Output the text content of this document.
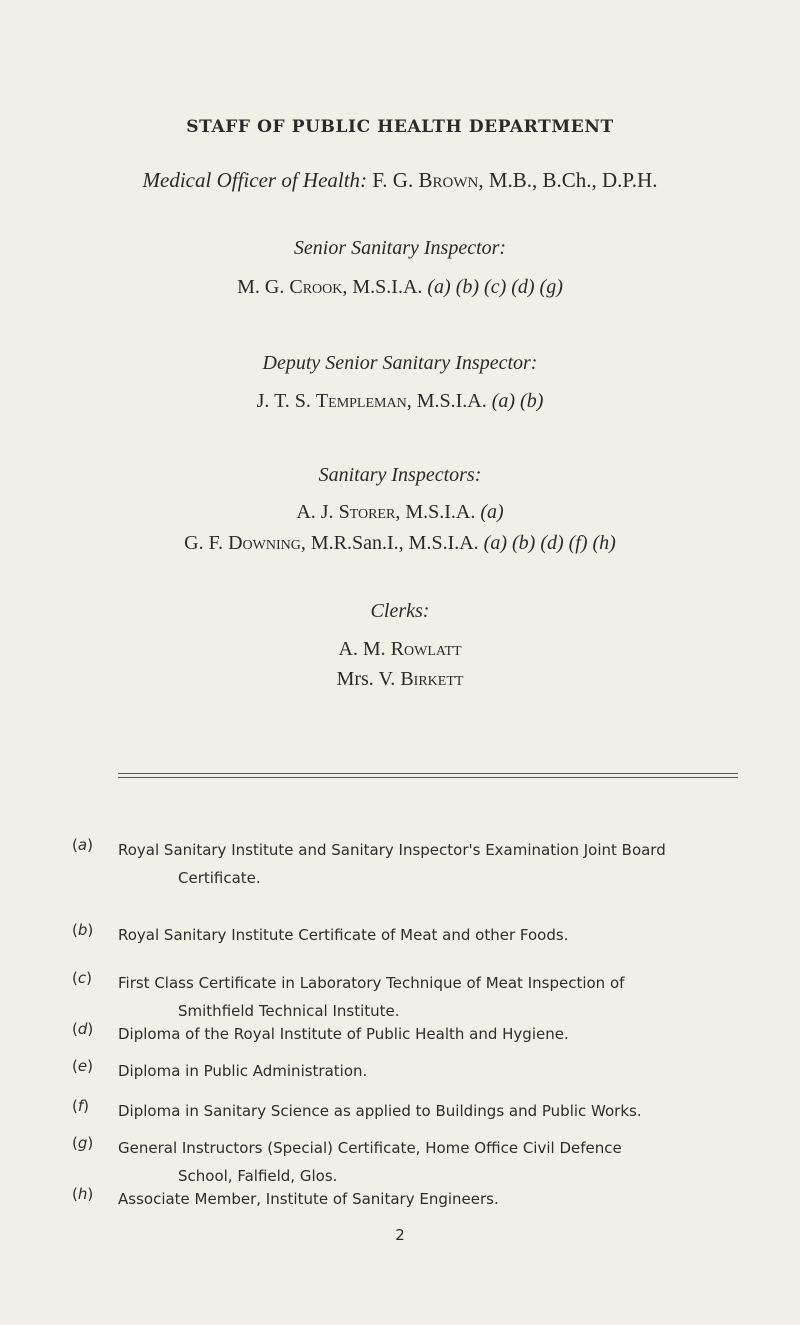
STAFF OF PUBLIC HEALTH DEPARTMENT
Medical Officer of Health: F. G. Brown, M.B., B.Ch., D.P.H.
Senior Sanitary Inspector:
M. G. Crook, M.S.I.A. (a) (b) (c) (d) (g)
Deputy Senior Sanitary Inspector:
J. T. S. Templeman, M.S.I.A. (a) (b)
Sanitary Inspectors:
A. J. Storer, M.S.I.A. (a)
G. F. Downing, M.R.San.I., M.S.I.A. (a) (b) (d) (f) (h)
Clerks:
A. M. Rowlatt
Mrs. V. Birkett
(a)	Royal Sanitary Institute and Sanitary Inspector's Examination Joint Board
Certificate.
(b)	Royal Sanitary Institute Certificate of Meat and other Foods.
(c)	First Class Certificate in Laboratory Technique of Meat Inspection of
Smithfield Technical Institute.
(d)	Diploma of the Royal Institute of Public Health and Hygiene.
(e)	Diploma in Public Administration.
(f)	Diploma in Sanitary Science as applied to Buildings and Public Works.
(g)	General Instructors (Special) Certificate, Home Office Civil Defence
School, Falfield, Glos.
(h)	Associate Member, Institute of Sanitary Engineers.
2
